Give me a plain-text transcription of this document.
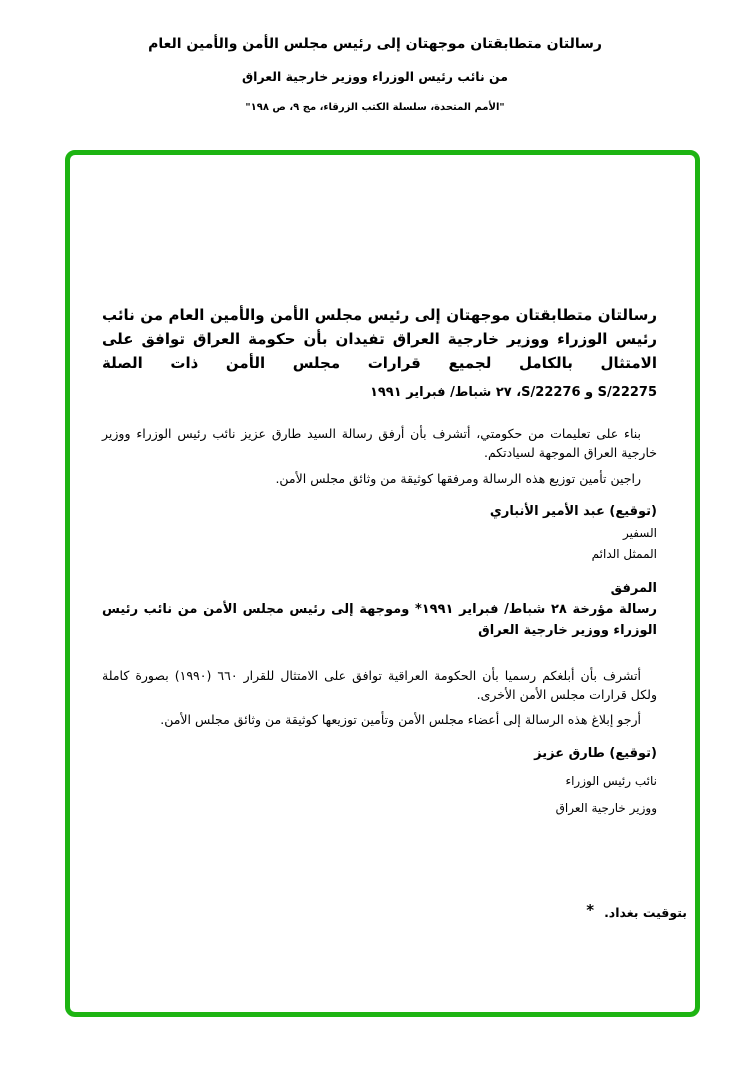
رسالتان متطابقتان موجهتان إلى رئيس مجلس الأمن والأمين العام
من نائب رئيس الوزراء ووزير خارجية العراق
"الأمم المتحدة، سلسلة الكتب الزرقاء، مج ٩، ص ١٩٨"
رسالتان متطابقتان موجهتان إلى رئيس مجلس الأمن والأمين العام من نائب رئيس الوزراء ووزير خارجية العراق تفيدان بأن حكومة العراق توافق على الامتثال بالكامل لجميع قرارات مجلس الأمن ذات الصلة
S/22275 و S/22276، ٢٧ شباط/ فبراير ١٩٩١

بناء على تعليمات من حكومتي، أتشرف بأن أرفق رسالة السيد طارق عزيز نائب رئيس الوزراء ووزير خارجية العراق الموجهة لسيادتكم.

راجين تأمين توزيع هذه الرسالة ومرفقها كوثيقة من وثائق مجلس الأمن.

(توقيع) عبد الأمير الأنباري
السفير
الممثل الدائم
المرفق
رسالة مؤرخة ٢٨ شباط/ فبراير ١٩٩١* وموجهة إلى رئيس مجلس الأمن من نائب رئيس الوزراء ووزير خارجية العراق

أتشرف بأن أبلغكم رسميا بأن الحكومة العراقية توافق على الامتثال للقرار ٦٦٠ (١٩٩٠) بصورة كاملة ولكل قرارات مجلس الأمن الأخرى.

أرجو إبلاغ هذه الرسالة إلى أعضاء مجلس الأمن وتأمين توزيعها كوثيقة من وثائق مجلس الأمن.

(توقيع) طارق عزيز
نائب رئيس الوزراء
ووزير خارجية العراق
بتوقيت بغداد.
*
